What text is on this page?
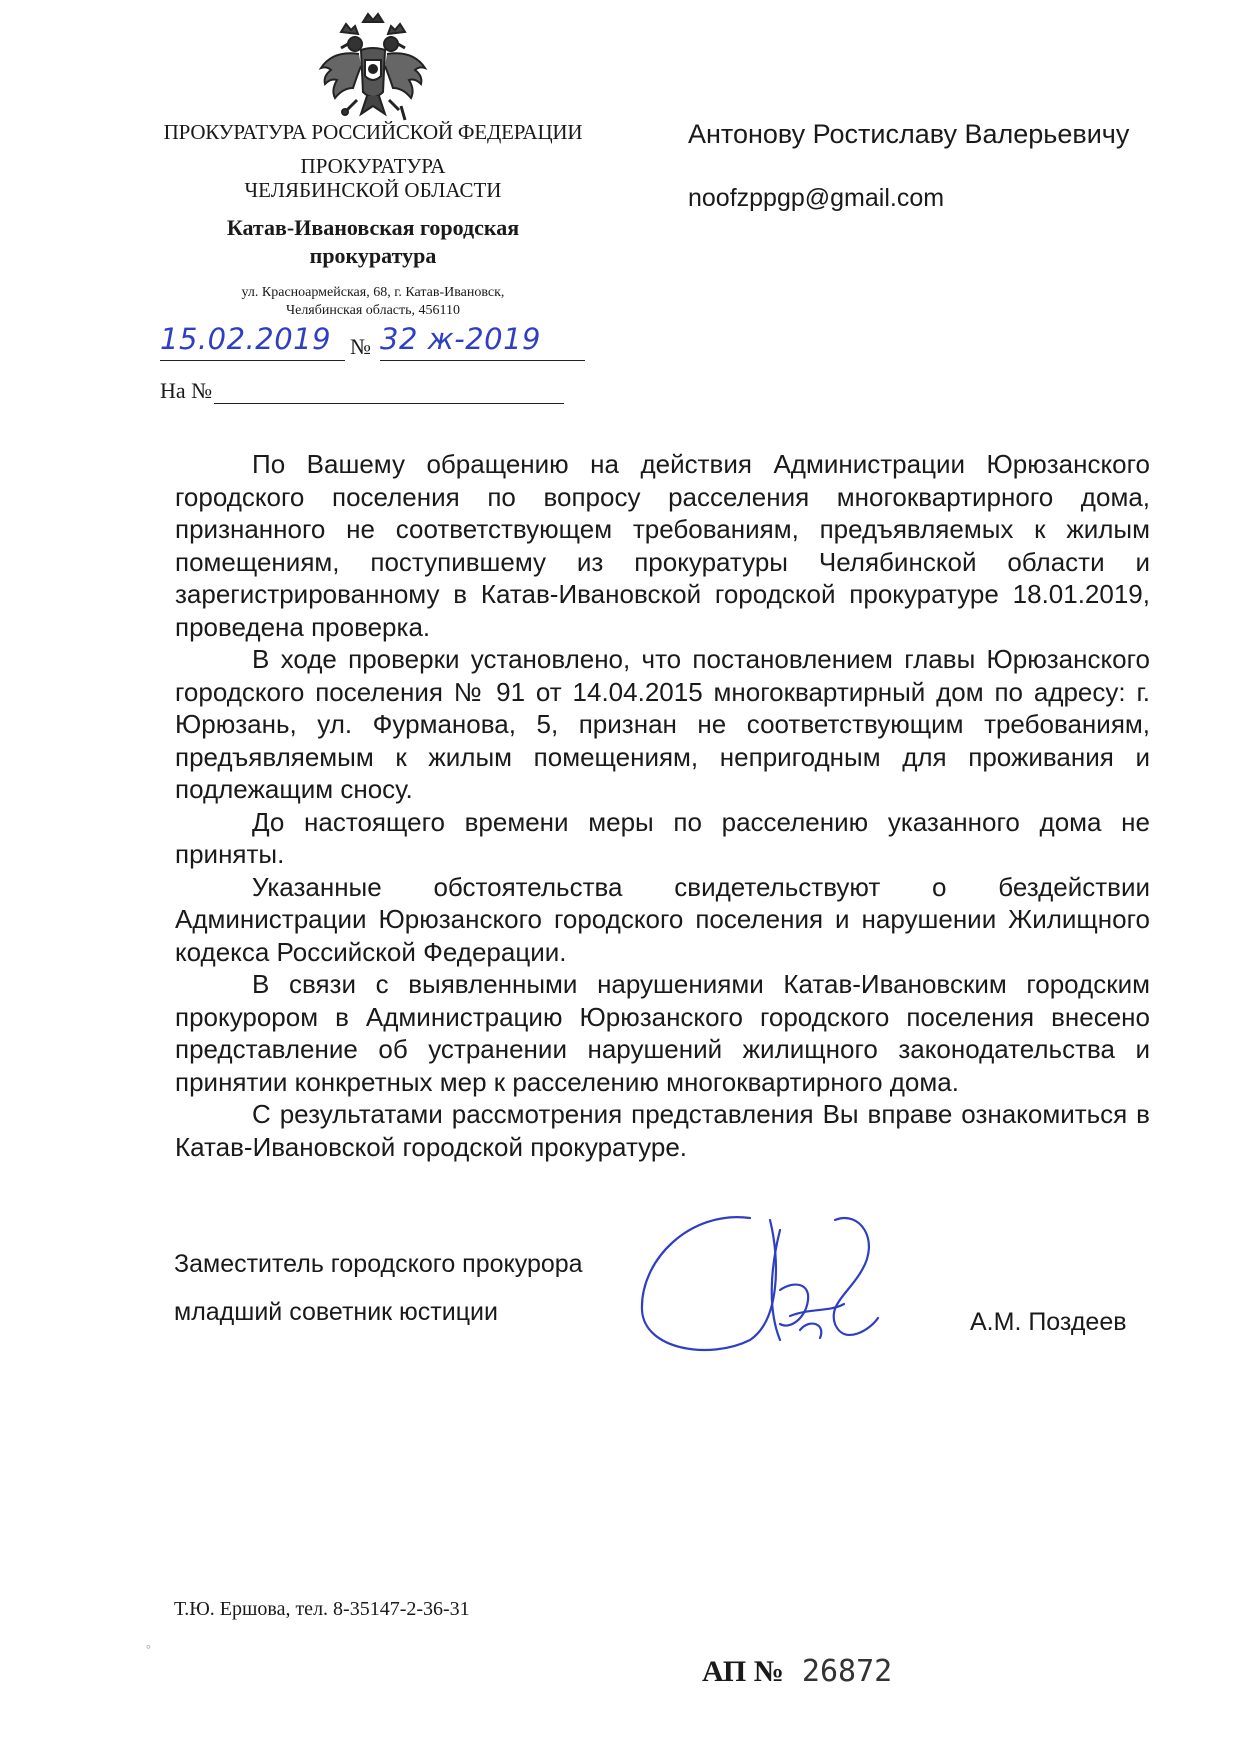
ПРОКУРАТУРА РОССИЙСКОЙ ФЕДЕРАЦИИ
ПРОКУРАТУРА
ЧЕЛЯБИНСКОЙ ОБЛАСТИ
Катав-Ивановская городская
прокуратура
ул. Красноармейская, 68, г. Катав-Ивановск,
Челябинская область, 456110
15.02.2019 № 32 ж-2019
На №
Антонову Ростиславу Валерьевичу
noofzppgp@gmail.com

По Вашему обращению на действия Администрации Юрюзанского городского поселения по вопросу расселения многоквартирного дома, признанного не соответствующем требованиям, предъявляемых к жилым помещениям, поступившему из прокуратуры Челябинской области и зарегистрированному в Катав-Ивановской городской прокуратуре 18.01.2019, проведена проверка.

В ходе проверки установлено, что постановлением главы Юрюзанского городского поселения № 91 от 14.04.2015 многоквартирный дом по адресу: г. Юрюзань, ул. Фурманова, 5, признан не соответствующим требованиям, предъявляемым к жилым помещениям, непригодным для проживания и подлежащим сносу.

До настоящего времени меры по расселению указанного дома не приняты.

Указанные обстоятельства свидетельствуют о бездействии Администрации Юрюзанского городского поселения и нарушении Жилищного кодекса Российской Федерации.

В связи с выявленными нарушениями Катав-Ивановским городским прокурором в Администрацию Юрюзанского городского поселения внесено представление об устранении нарушений жилищного законодательства и принятии конкретных мер к расселению многоквартирного дома.

С результатами рассмотрения представления Вы вправе ознакомиться в Катав-Ивановской городской прокуратуре.

Заместитель городского прокурора
младший советник юстиции	А.М. Поздеев
Т.Ю. Ершова, тел. 8-35147-2-36-31
°
АП № 26872
